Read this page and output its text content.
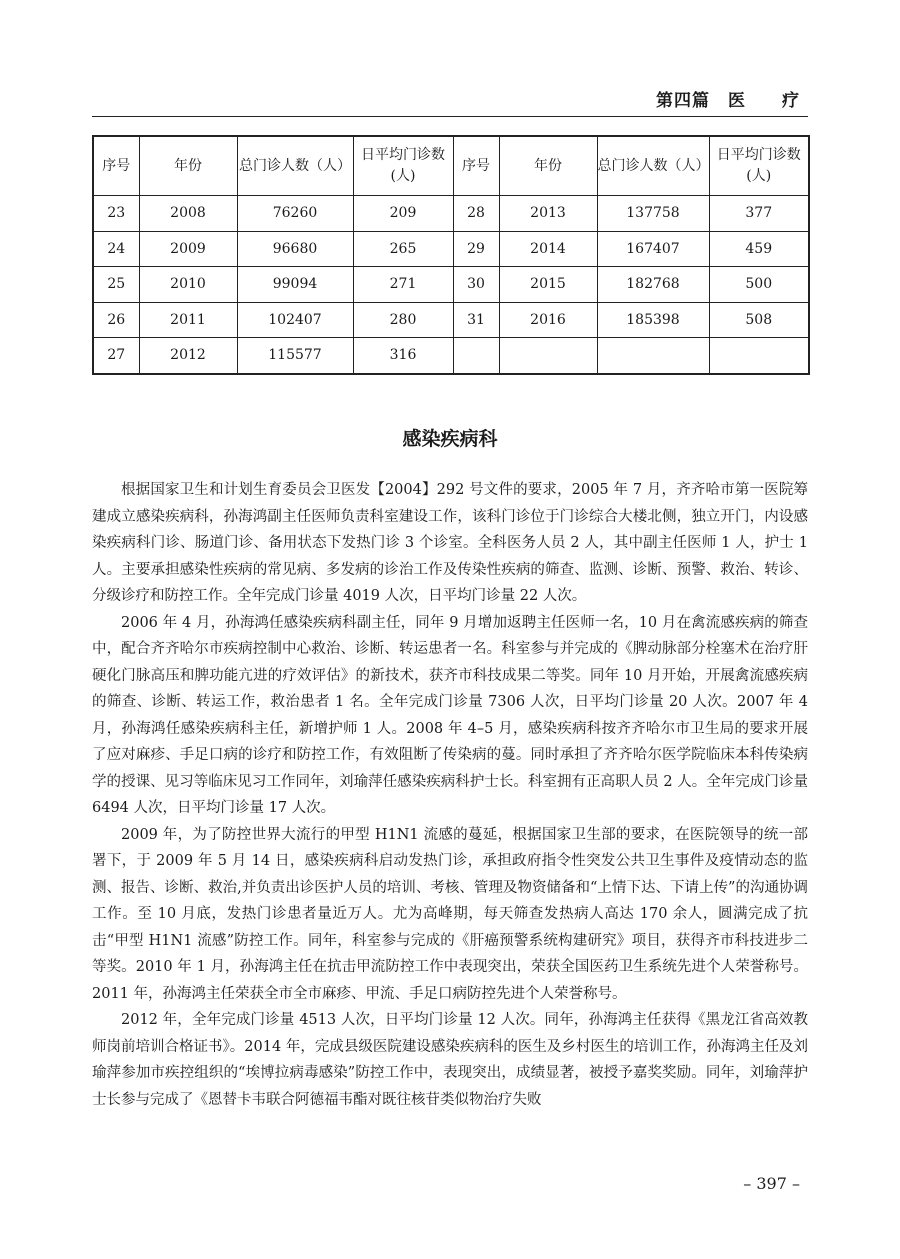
第四篇 医 疗
序号	年份	总门诊人数（人）	日平均门诊数(人)	序号	年份	总门诊人数（人）	日平均门诊数(人)
23	2008	76260	209	28	2013	137758	377
24	2009	96680	265	29	2014	167407	459
25	2010	99094	271	30	2015	182768	500
26	2011	102407	280	31	2016	185398	508
27	2012	115577	316				
感染疾病科

根据国家卫生和计划生育委员会卫医发【2004】292 号文件的要求，2005 年 7 月，齐齐哈市第一医院筹建成立感染疾病科，孙海鸿副主任医师负责科室建设工作，该科门诊位于门诊综合大楼北侧，独立开门，内设感染疾病科门诊、肠道门诊、备用状态下发热门诊 3 个诊室。全科医务人员 2 人，其中副主任医师 1 人，护士 1 人。主要承担感染性疾病的常见病、多发病的诊治工作及传染性疾病的筛查、监测、诊断、预警、救治、转诊、分级诊疗和防控工作。全年完成门诊量 4019 人次，日平均门诊量 22 人次。

2006 年 4 月，孙海鸿任感染疾病科副主任，同年 9 月增加返聘主任医师一名，10 月在禽流感疾病的筛查中，配合齐齐哈尔市疾病控制中心救治、诊断、转运患者一名。科室参与并完成的《脾动脉部分栓塞术在治疗肝硬化门脉高压和脾功能亢进的疗效评估》的新技术，获齐市科技成果二等奖。同年 10 月开始，开展禽流感疾病的筛查、诊断、转运工作，救治患者 1 名。全年完成门诊量 7306 人次，日平均门诊量 20 人次。2007 年 4 月，孙海鸿任感染疾病科主任，新增护师 1 人。2008 年 4–5 月，感染疾病科按齐齐哈尔市卫生局的要求开展了应对麻疹、手足口病的诊疗和防控工作，有效阻断了传染病的蔓。同时承担了齐齐哈尔医学院临床本科传染病学的授课、见习等临床见习工作同年，刘瑜萍任感染疾病科护士长。科室拥有正高职人员 2 人。全年完成门诊量 6494 人次，日平均门诊量 17 人次。

2009 年，为了防控世界大流行的甲型 H1N1 流感的蔓延，根据国家卫生部的要求，在医院领导的统一部署下，于 2009 年 5 月 14 日，感染疾病科启动发热门诊，承担政府指令性突发公共卫生事件及疫情动态的监测、报告、诊断、救治,并负责出诊医护人员的培训、考核、管理及物资储备和“上情下达、下请上传”的沟通协调工作。至 10 月底，发热门诊患者量近万人。尤为高峰期，每天筛查发热病人高达 170 余人，圆满完成了抗击“甲型 H1N1 流感”防控工作。同年，科室参与完成的《肝癌预警系统构建研究》项目，获得齐市科技进步二等奖。2010 年 1 月，孙海鸿主任在抗击甲流防控工作中表现突出，荣获全国医药卫生系统先进个人荣誉称号。2011 年，孙海鸿主任荣获全市全市麻疹、甲流、手足口病防控先进个人荣誉称号。

2012 年，全年完成门诊量 4513 人次，日平均门诊量 12 人次。同年，孙海鸿主任获得《黑龙江省高效教师岗前培训合格证书》。2014 年，完成县级医院建设感染疾病科的医生及乡村医生的培训工作，孙海鸿主任及刘瑜萍参加市疾控组织的“埃博拉病毒感染”防控工作中，表现突出，成绩显著，被授予嘉奖奖励。同年，刘瑜萍护士长参与完成了《恩替卡韦联合阿德福韦酯对既往核苷类似物治疗失败

– 397 –
